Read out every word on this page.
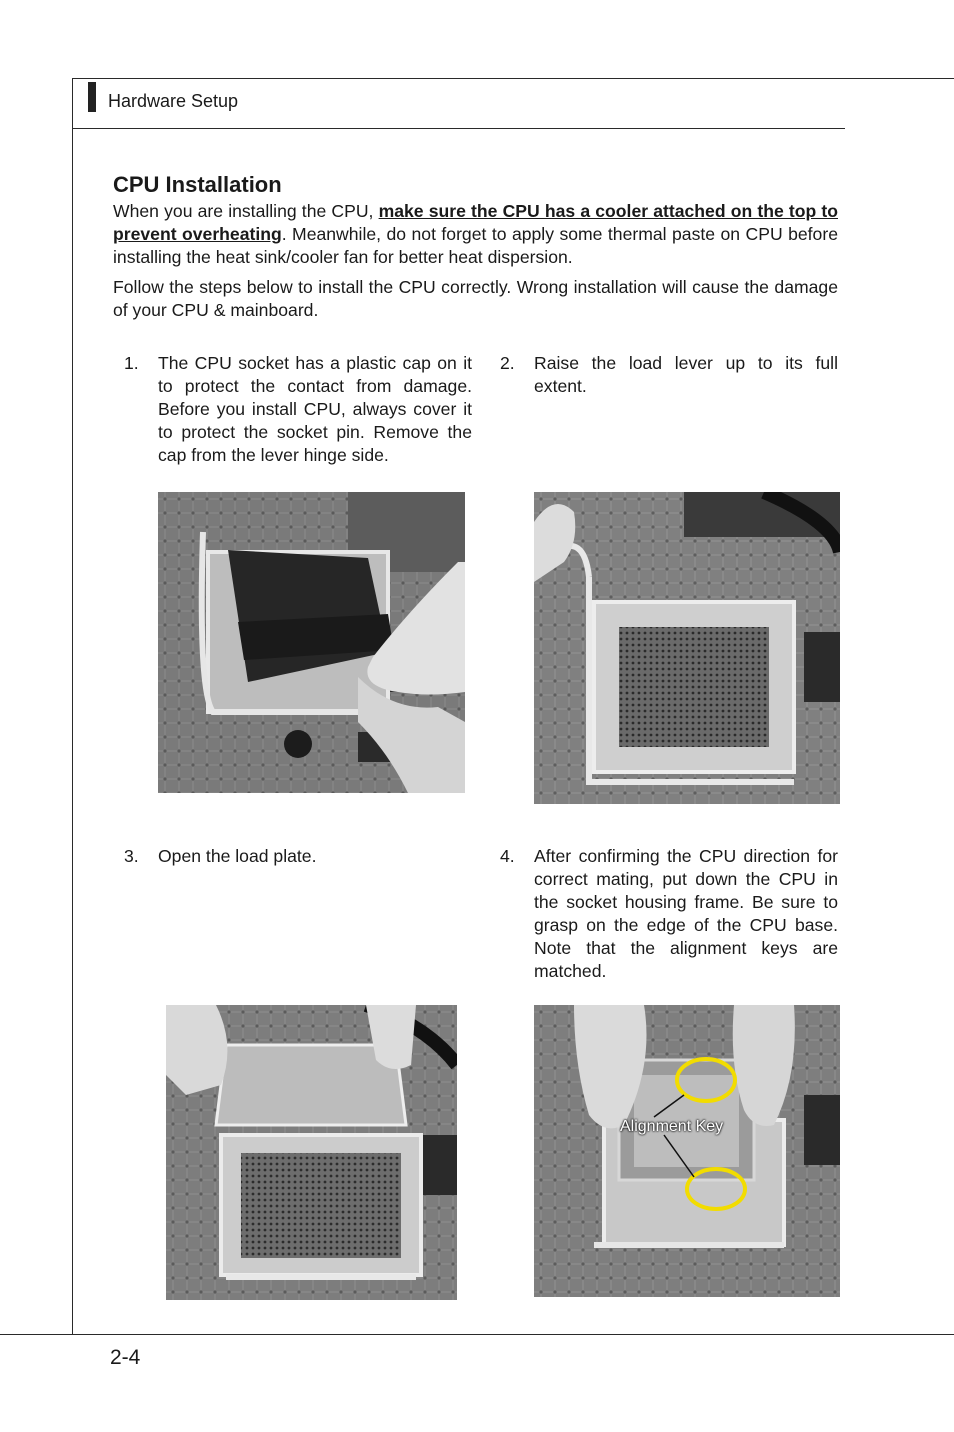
Hardware Setup
CPU Installation

When you are installing the CPU, make sure the CPU has a cooler attached on the top to prevent overheating. Meanwhile, do not forget to apply some thermal paste on CPU before installing the heat sink/cooler fan for better heat dispersion.

Follow the steps below to install the CPU correctly. Wrong installation will cause the damage of your CPU & mainboard.

1. The CPU socket has a plastic cap on it to protect the contact from damage. Before you install CPU, always cover it to protect the socket pin. Remove the cap from the lever hinge side.
2. Raise the load lever up to its full extent.
3. Open the load plate.	4. After confirming the CPU direction for correct mating, put down the CPU in the socket housing frame. Be sure to grasp on the edge of the CPU base. Note that the alignment keys are matched.
Alignment Key
2-4
